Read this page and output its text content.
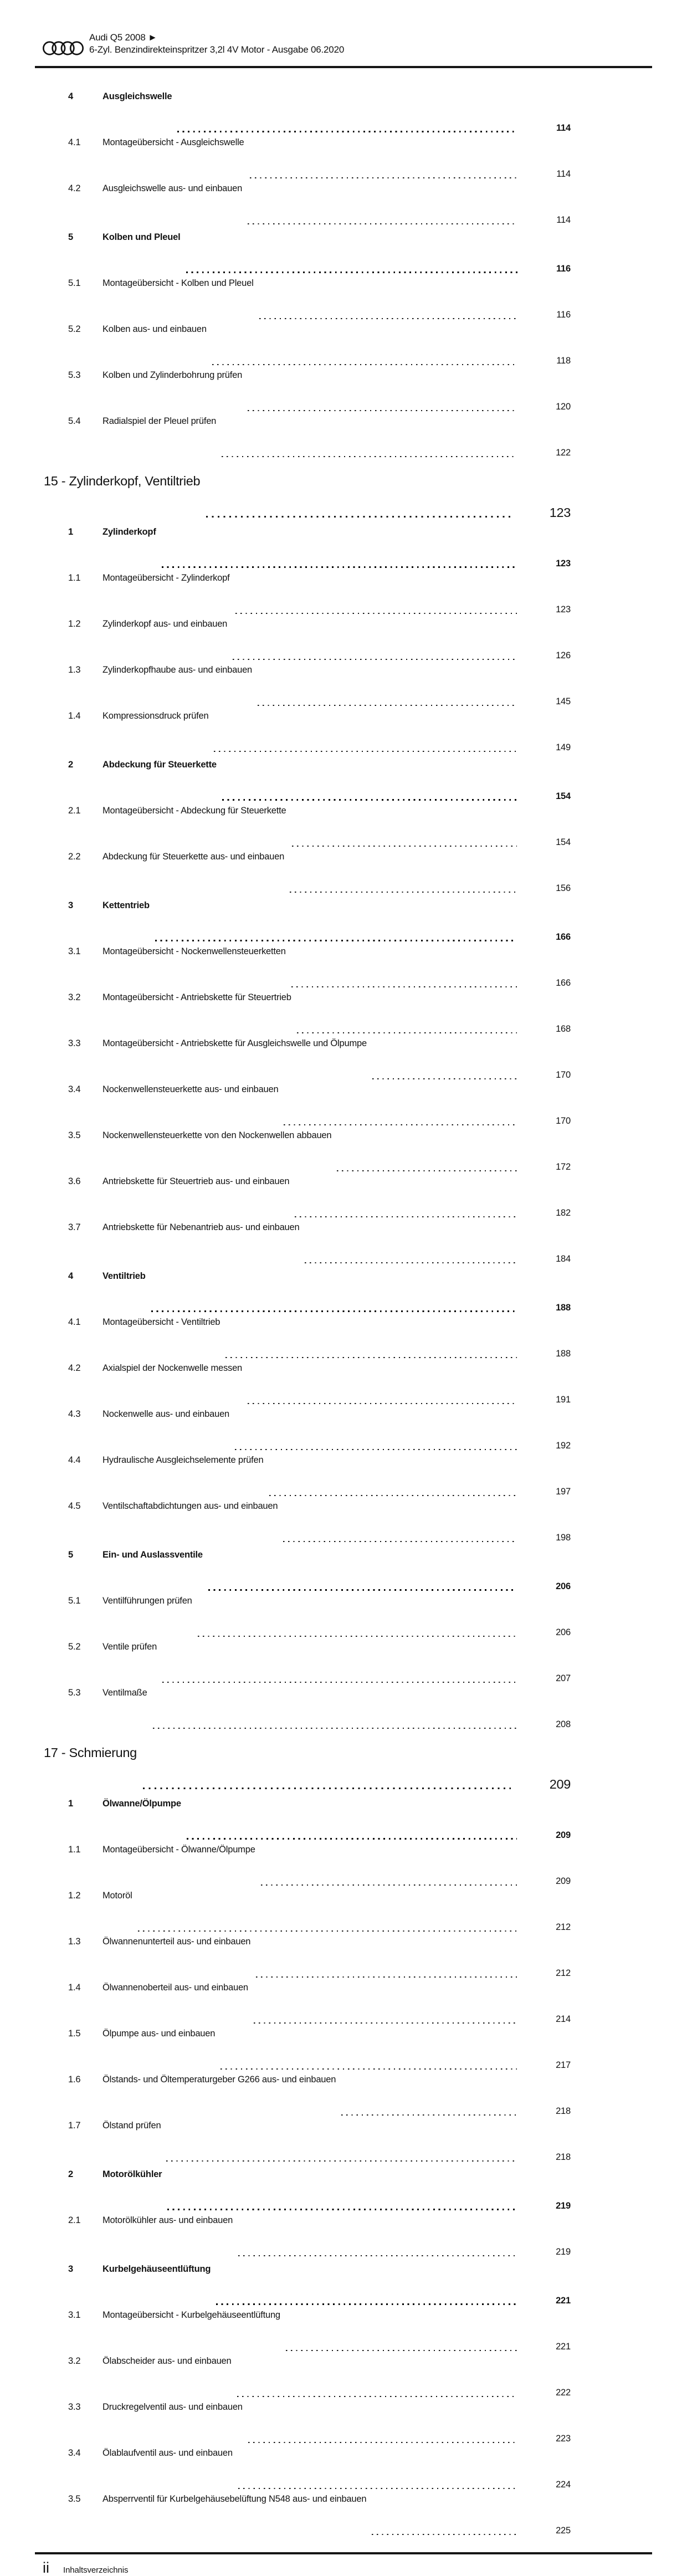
Audi Q5 2008 ►
6-Zyl. Benzindirekteinspritzer 3,2l 4V Motor - Ausgabe 06.2020
4	Ausgleichswelle
114
4.1	Montageübersicht - Ausgleichswelle
114
4.2	Ausgleichswelle aus- und einbauen
114
5	Kolben und Pleuel
116
5.1	Montageübersicht - Kolben und Pleuel
116
5.2	Kolben aus- und einbauen
118
5.3	Kolben und Zylinderbohrung prüfen
120
5.4	Radialspiel der Pleuel prüfen
122
15 - Zylinderkopf, Ventiltrieb
123
1	Zylinderkopf
123
1.1	Montageübersicht - Zylinderkopf
123
1.2	Zylinderkopf aus- und einbauen
126
1.3	Zylinderkopfhaube aus- und einbauen
145
1.4	Kompressionsdruck prüfen
149
2	Abdeckung für Steuerkette
154
2.1	Montageübersicht - Abdeckung für Steuerkette
154
2.2	Abdeckung für Steuerkette aus- und einbauen
156
3	Kettentrieb
166
3.1	Montageübersicht - Nockenwellensteuerketten
166
3.2	Montageübersicht - Antriebskette für Steuertrieb
168
3.3	Montageübersicht - Antriebskette für Ausgleichswelle und Ölpumpe
170
3.4	Nockenwellensteuerkette aus- und einbauen
170
3.5	Nockenwellensteuerkette von den Nockenwellen abbauen
172
3.6	Antriebskette für Steuertrieb aus- und einbauen
182
3.7	Antriebskette für Nebenantrieb aus- und einbauen
184
4	Ventiltrieb
188
4.1	Montageübersicht - Ventiltrieb
188
4.2	Axialspiel der Nockenwelle messen
191
4.3	Nockenwelle aus- und einbauen
192
4.4	Hydraulische Ausgleichselemente prüfen
197
4.5	Ventilschaftabdichtungen aus- und einbauen
198
5	Ein- und Auslassventile
206
5.1	Ventilführungen prüfen
206
5.2	Ventile prüfen
207
5.3	Ventilmaße
208
17 - Schmierung
209
1	Ölwanne/Ölpumpe
209
1.1	Montageübersicht - Ölwanne/Ölpumpe
209
1.2	Motoröl
212
1.3	Ölwannenunterteil aus- und einbauen
212
1.4	Ölwannenoberteil aus- und einbauen
214
1.5	Ölpumpe aus- und einbauen
217
1.6	Ölstands- und Öltemperaturgeber G266 aus- und einbauen
218
1.7	Ölstand prüfen
218
2	Motorölkühler
219
2.1	Motorölkühler aus- und einbauen
219
3	Kurbelgehäuseentlüftung
221
3.1	Montageübersicht - Kurbelgehäuseentlüftung
221
3.2	Ölabscheider aus- und einbauen
222
3.3	Druckregelventil aus- und einbauen
223
3.4	Ölablaufventil aus- und einbauen
224
3.5	Absperrventil für Kurbelgehäusebelüftung N548 aus- und einbauen
225
ii Inhaltsverzeichnis
